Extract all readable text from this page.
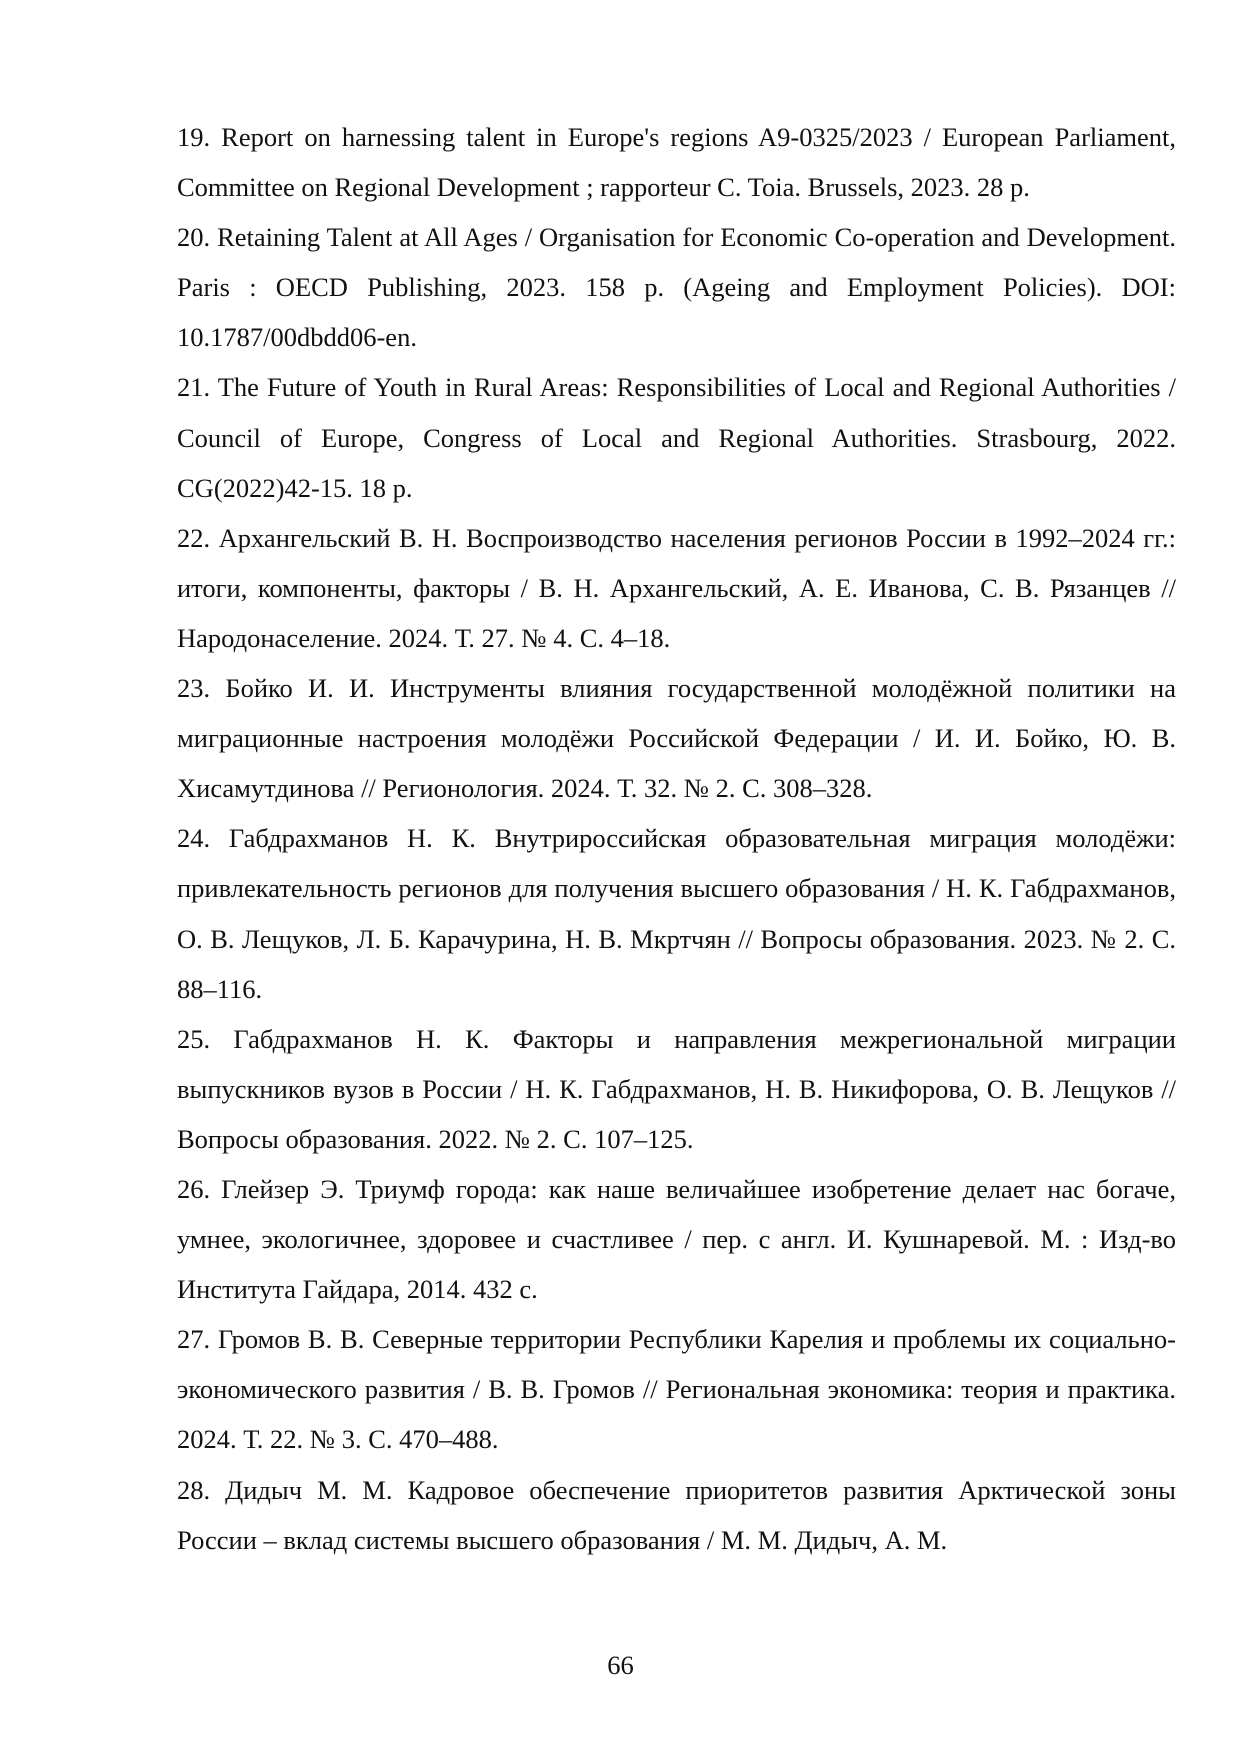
19. Report on harnessing talent in Europe's regions A9-0325/2023 / European Parliament, Committee on Regional Development ; rapporteur C. Toia. Brussels, 2023. 28 p.
20. Retaining Talent at All Ages / Organisation for Economic Co-operation and Development. Paris : OECD Publishing, 2023. 158 p. (Ageing and Employment Policies). DOI: 10.1787/00dbdd06-en.
21. The Future of Youth in Rural Areas: Responsibilities of Local and Regional Authorities / Council of Europe, Congress of Local and Regional Authorities. Strasbourg, 2022. CG(2022)42-15. 18 p.
22. Архангельский В. Н. Воспроизводство населения регионов России в 1992–2024 гг.: итоги, компоненты, факторы / В. Н. Архангельский, А. Е. Иванова, С. В. Рязанцев // Народонаселение. 2024. Т. 27. № 4. С. 4–18.
23. Бойко И. И. Инструменты влияния государственной молодёжной политики на миграционные настроения молодёжи Российской Федерации / И. И. Бойко, Ю. В. Хисамутдинова // Регионология. 2024. Т. 32. № 2. С. 308–328.
24. Габдрахманов Н. К. Внутрироссийская образовательная миграция молодёжи: привлекательность регионов для получения высшего образования / Н. К. Габдрахманов, О. В. Лещуков, Л. Б. Карачурина, Н. В. Мкртчян // Вопросы образования. 2023. № 2. С. 88–116.
25. Габдрахманов Н. К. Факторы и направления межрегиональной миграции выпускников вузов в России / Н. К. Габдрахманов, Н. В. Никифорова, О. В. Лещуков // Вопросы образования. 2022. № 2. С. 107–125.
26. Глейзер Э. Триумф города: как наше величайшее изобретение делает нас богаче, умнее, экологичнее, здоровее и счастливее / пер. с англ. И. Кушнаревой. М. : Изд-во Института Гайдара, 2014. 432 с.
27. Громов В. В. Северные территории Республики Карелия и проблемы их социально-экономического развития / В. В. Громов // Региональная экономика: теория и практика. 2024. Т. 22. № 3. С. 470–488.
28. Дидыч М. М. Кадровое обеспечение приоритетов развития Арктической зоны России – вклад системы высшего образования / М. М. Дидыч, А. М.
66
